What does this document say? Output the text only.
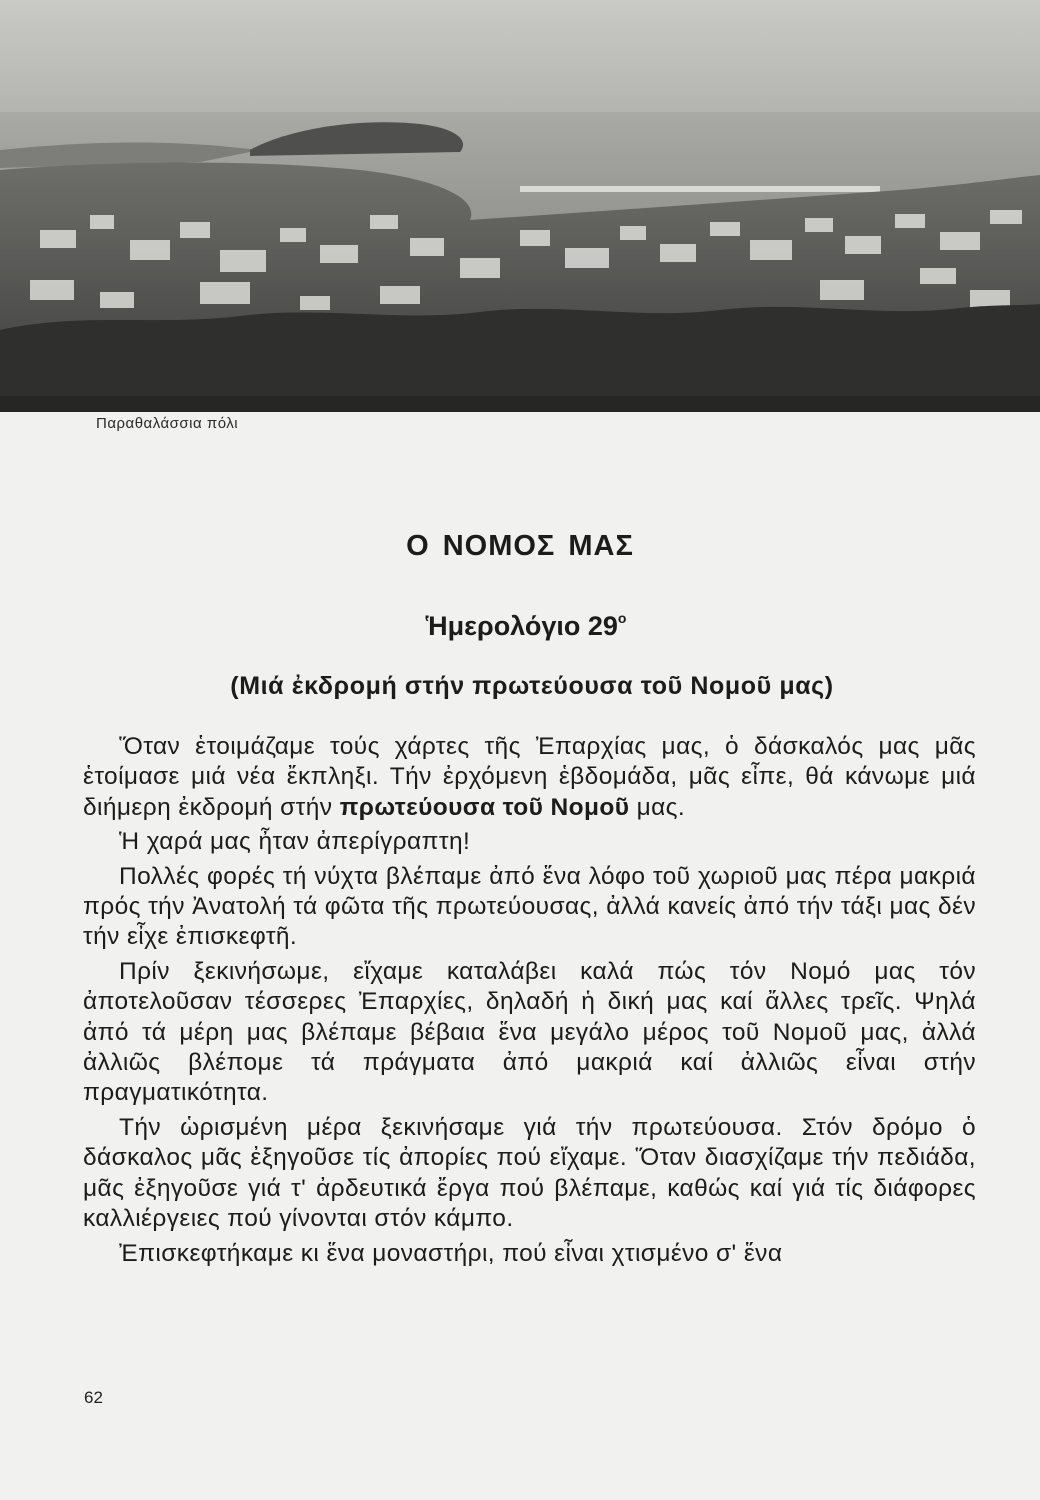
Παραθαλάσσια πόλι
Ο ΝΟΜΟΣ ΜΑΣ
Ἡμερολόγιο $29^o$
(Μιά ἐκδρομή στήν πρωτεύουσα τοῦ Νομοῦ μας)

Ὅταν ἑτοιμάζαμε τούς χάρτες τῆς Ἐπαρχίας μας, ὁ δάσκαλός μας μᾶς ἑτοίμασε μιά νέα ἔκπληξι. Τήν ἐρχόμενη ἑβδομάδα, μᾶς εἶπε, θά κάνωμε μιά διήμερη ἐκδρομή στήν πρωτεύουσα τοῦ Νομοῦ μας.

Ἡ χαρά μας ἦταν ἀπερίγραπτη!

Πολλές φορές τή νύχτα βλέπαμε ἀπό ἕνα λόφο τοῦ χωριοῦ μας πέρα μακριά πρός τήν Ἀνατολή τά φῶτα τῆς πρωτεύουσας, ἀλλά κανείς ἀπό τήν τάξι μας δέν τήν εἶχε ἐπισκεφτῆ.

Πρίν ξεκινήσωμε, εἴχαμε καταλάβει καλά πώς τόν Νομό μας τόν ἀποτελοῦσαν τέσσερες Ἐπαρχίες, δηλαδή ἡ δική μας καί ἄλλες τρεῖς. Ψηλά ἀπό τά μέρη μας βλέπαμε βέβαια ἕνα μεγάλο μέρος τοῦ Νομοῦ μας, ἀλλά ἀλλιῶς βλέπομε τά πράγματα ἀπό μακριά καί ἀλλιῶς εἶναι στήν πραγματικότητα.

Τήν ὡρισμένη μέρα ξεκινήσαμε γιά τήν πρωτεύουσα. Στόν δρόμο ὁ δάσκαλος μᾶς ἐξηγοῦσε τίς ἀπορίες πού εἴχαμε. Ὅταν διασχίζαμε τήν πεδιάδα, μᾶς ἐξηγοῦσε γιά τ' ἀρδευτικά ἔργα πού βλέπαμε, καθώς καί γιά τίς διάφορες καλλιέργειες πού γίνονται στόν κάμπο.

Ἐπισκεφτήκαμε κι ἕνα μοναστήρι, πού εἶναι χτισμένο σ' ἕνα

62
